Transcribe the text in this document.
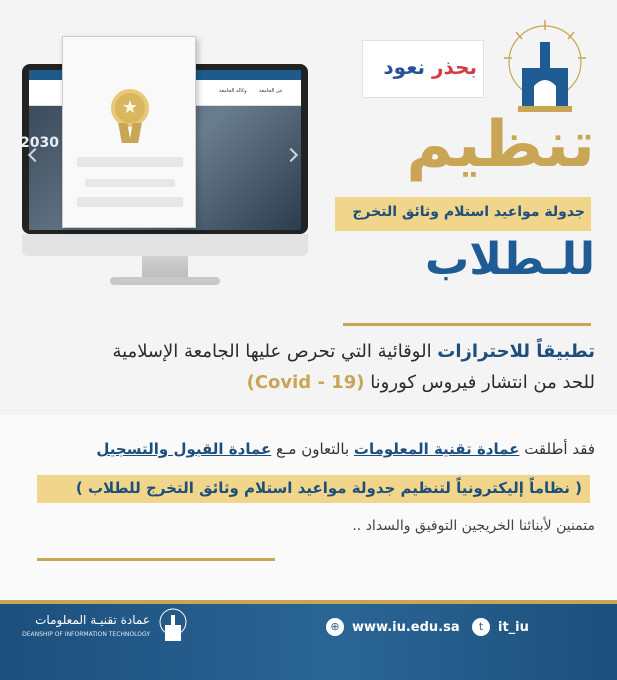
عن الجامعة
وكالة الجامعة
2030
★
بحذر
نعود
تنظيم
جدولة مواعيد استلام وثائق التخرج
للـطلاب
تطبيقاً للاحترازات الوقائية التي تحرص عليها الجامعة الإسلامية
للحد من انتشار فيروس كورونا (Covid - 19)
فقد أطلقت عمادة تقنية المعلومات بالتعاون مـع عمادة القبول والتسجيل
( نظاماً إليكترونياً لتنظيم جدولة مواعيد استلام وثائق التخرج للطلاب )
متمنين لأبنائنا الخريجين التوفيق والسداد ..
t	it_iu
⊕ www.iu.edu.sa
عمادة تقنيـة المعلومات
DEANSHIP OF INFORMATION TECHNOLOGY
